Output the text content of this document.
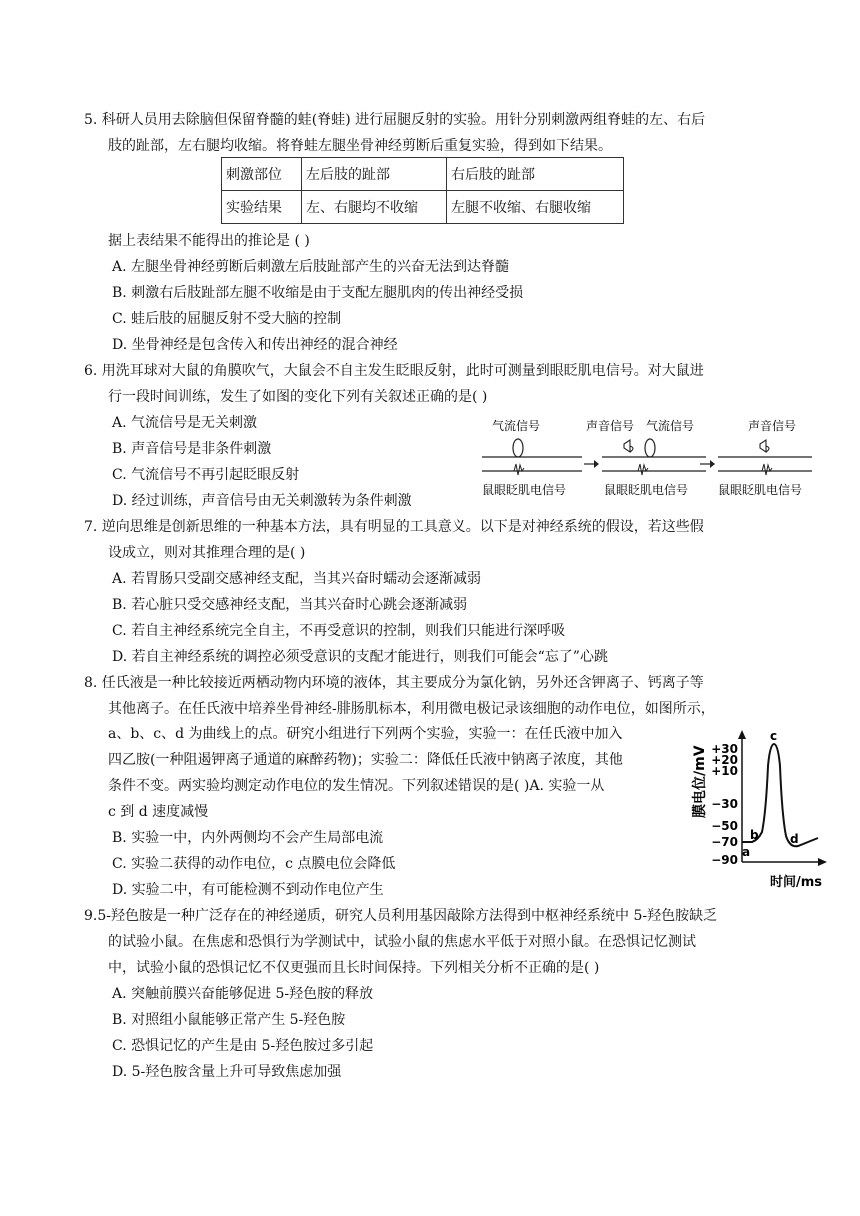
5. 科研人员用去除脑但保留脊髓的蛙(脊蛙) 进行屈腿反射的实验。用针分别刺激两组脊蛙的左、右后
肢的趾部，左右腿均收缩。将脊蛙左腿坐骨神经剪断后重复实验，得到如下结果。
刺激部位	左后肢的趾部	右后肢的趾部
实验结果	左、右腿均不收缩	左腿不收缩、右腿收缩
据上表结果不能得出的推论是 ( )
A. 左腿坐骨神经剪断后刺激左后肢趾部产生的兴奋无法到达脊髓
B. 刺激右后肢趾部左腿不收缩是由于支配左腿肌肉的传出神经受损
C. 蛙后肢的屈腿反射不受大脑的控制
D. 坐骨神经是包含传入和传出神经的混合神经
6. 用洗耳球对大鼠的角膜吹气，大鼠会不自主发生眨眼反射，此时可测量到眼眨肌电信号。对大鼠进
行一段时间训练，发生了如图的变化下列有关叙述正确的是( )
A. 气流信号是无关刺激
B. 声音信号是非条件刺激
C. 气流信号不再引起眨眼反射
D. 经过训练，声音信号由无关刺激转为条件刺激
气流信号
鼠眼眨肌电信号
声音信号 气流信号
鼠眼眨肌电信号
声音信号
鼠眼眨肌电信号
7. 逆向思维是创新思维的一种基本方法，具有明显的工具意义。以下是对神经系统的假设，若这些假
设成立，则对其推理合理的是( )
A. 若胃肠只受副交感神经支配，当其兴奋时蠕动会逐渐减弱
B. 若心脏只受交感神经支配，当其兴奋时心跳会逐渐减弱
C. 若自主神经系统完全自主，不再受意识的控制，则我们只能进行深呼吸
D. 若自主神经系统的调控必须受意识的支配才能进行，则我们可能会“忘了”心跳
8. 任氏液是一种比较接近两栖动物内环境的液体，其主要成分为氯化钠，另外还含钾离子、钙离子等
其他离子。在任氏液中培养坐骨神经-腓肠肌标本，利用微电极记录该细胞的动作电位，如图所示，
a、b、c、d 为曲线上的点。研究小组进行下列两个实验，实验一：在任氏液中加入
四乙胺(一种阻遏钾离子通道的麻醉药物)；实验二：降低任氏液中钠离子浓度，其他
条件不变。两实验均测定动作电位的发生情况。下列叙述错误的是( )A. 实验一从
c 到 d 速度减慢
B. 实验一中，内外两侧均不会产生局部电流
C. 实验二获得的动作电位，c 点膜电位会降低
D. 实验二中，有可能检测不到动作电位产生
膜电位/mV +30
+20
+10
−30
−50
−70
−90
a
b
c
d
时间/ms
9.5-羟色胺是一种广泛存在的神经递质，研究人员利用基因敲除方法得到中枢神经系统中 5-羟色胺缺乏
的试验小鼠。在焦虑和恐惧行为学测试中，试验小鼠的焦虑水平低于对照小鼠。在恐惧记忆测试
中，试验小鼠的恐惧记忆不仅更强而且长时间保持。下列相关分析不正确的是( )
A. 突触前膜兴奋能够促进 5-羟色胺的释放
B. 对照组小鼠能够正常产生 5-羟色胺
C. 恐惧记忆的产生是由 5-羟色胺过多引起
D. 5-羟色胺含量上升可导致焦虑加强
